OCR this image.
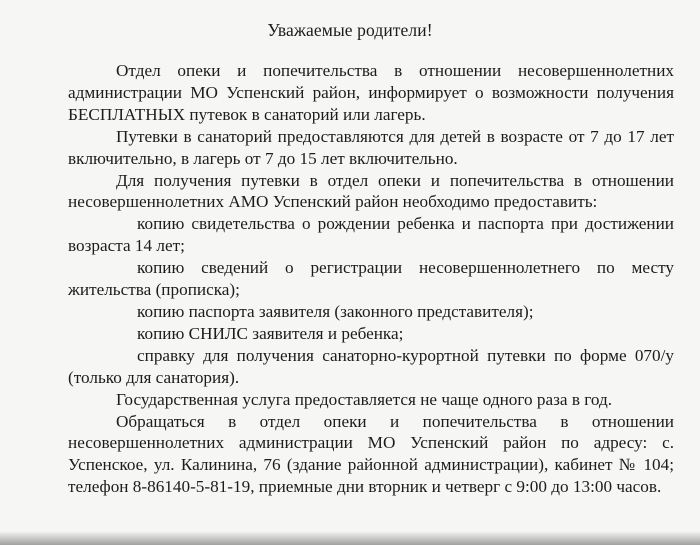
Уважаемые родители!

Отдел опеки и попечительства в отношении несовершеннолетних администрации МО Успенский район, информирует о возможности получения БЕСПЛАТНЫХ путевок в санаторий или лагерь.

Путевки в санаторий предоставляются для детей в возрасте от 7 до 17 лет включительно, в лагерь от 7 до 15 лет включительно.

Для получения путевки в отдел опеки и попечительства в отношении несовершеннолетних АМО Успенский район необходимо предоставить:

копию свидетельства о рождении ребенка и паспорта при достижении возраста 14 лет;

копию сведений о регистрации несовершеннолетнего по месту жительства (прописка);

копию паспорта заявителя (законного представителя);

копию СНИЛС заявителя и ребенка;

справку для получения санаторно-курортной путевки по форме 070/у (только для санатория).

Государственная услуга предоставляется не чаще одного раза в год.

Обращаться в отдел опеки и попечительства в отношении несовершеннолетних администрации МО Успенский район по адресу: с. Успенское, ул. Калинина, 76 (здание районной администрации), кабинет № 104; телефон 8-86140-5-81-19, приемные дни вторник и четверг с 9:00 до 13:00 часов.
